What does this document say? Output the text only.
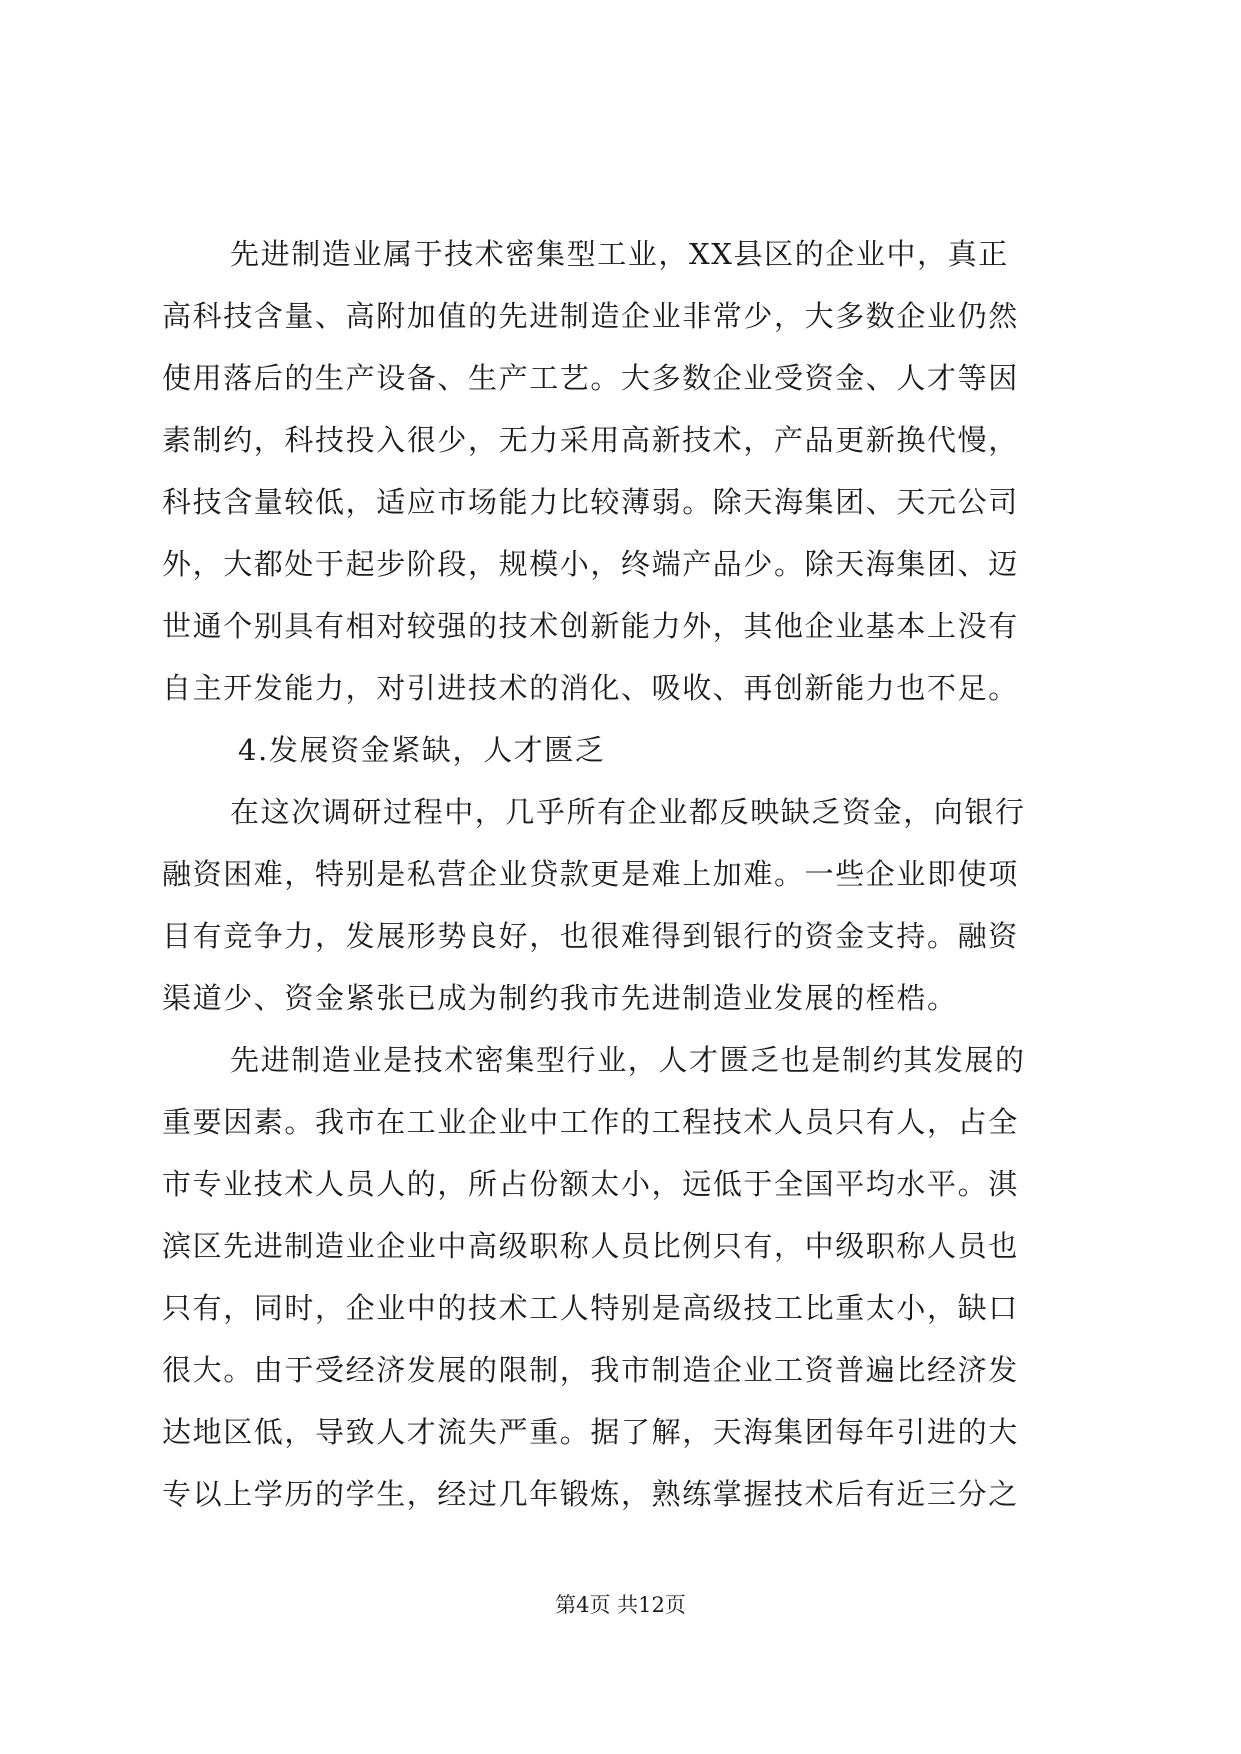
先进制造业属于技术密集型工业，XX县区的企业中，真正
高科技含量、高附加值的先进制造企业非常少，大多数企业仍然
使用落后的生产设备、生产工艺。大多数企业受资金、人才等因
素制约，科技投入很少，无力采用高新技术，产品更新换代慢，
科技含量较低，适应市场能力比较薄弱。除天海集团、天元公司
外，大都处于起步阶段，规模小，终端产品少。除天海集团、迈
世通个别具有相对较强的技术创新能力外，其他企业基本上没有
自主开发能力，对引进技术的消化、吸收、再创新能力也不足。
4.发展资金紧缺，人才匮乏
在这次调研过程中，几乎所有企业都反映缺乏资金，向银行
融资困难，特别是私营企业贷款更是难上加难。一些企业即使项
目有竞争力，发展形势良好，也很难得到银行的资金支持。融资
渠道少、资金紧张已成为制约我市先进制造业发展的桎梏。
先进制造业是技术密集型行业，人才匮乏也是制约其发展的
重要因素。我市在工业企业中工作的工程技术人员只有人，占全
市专业技术人员人的，所占份额太小，远低于全国平均水平。淇
滨区先进制造业企业中高级职称人员比例只有，中级职称人员也
只有，同时，企业中的技术工人特别是高级技工比重太小，缺口
很大。由于受经济发展的限制，我市制造企业工资普遍比经济发
达地区低，导致人才流失严重。据了解，天海集团每年引进的大
专以上学历的学生，经过几年锻炼，熟练掌握技术后有近三分之
第4页 共12页
